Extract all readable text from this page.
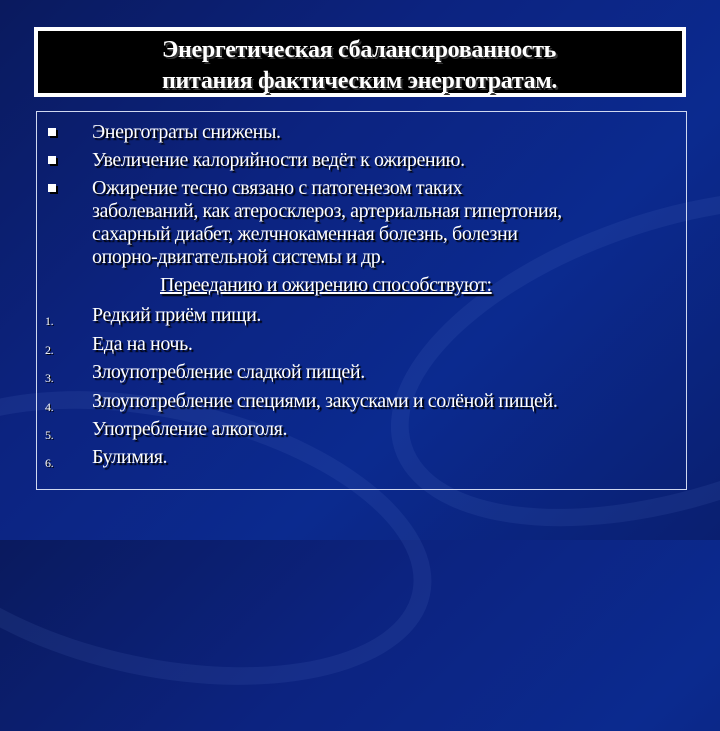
Энергетическая сбалансированность
питания фактическим энерготратам.
Энерготраты снижены.
Увеличение калорийности ведёт к ожирению.
Ожирение тесно связано с патогенезом таких
заболеваний, как атеросклероз, артериальная гипертония,
сахарный диабет, желчнокаменная болезнь, болезни
опорно-двигательной системы и др.
Перееданию и ожирению способствуют:
1. Редкий приём пищи.
2. Еда на ночь.
3. Злоупотребление сладкой пищей.
4. Злоупотребление специями, закусками и солёной пищей.
5. Употребление алкоголя.
6. Булимия.
